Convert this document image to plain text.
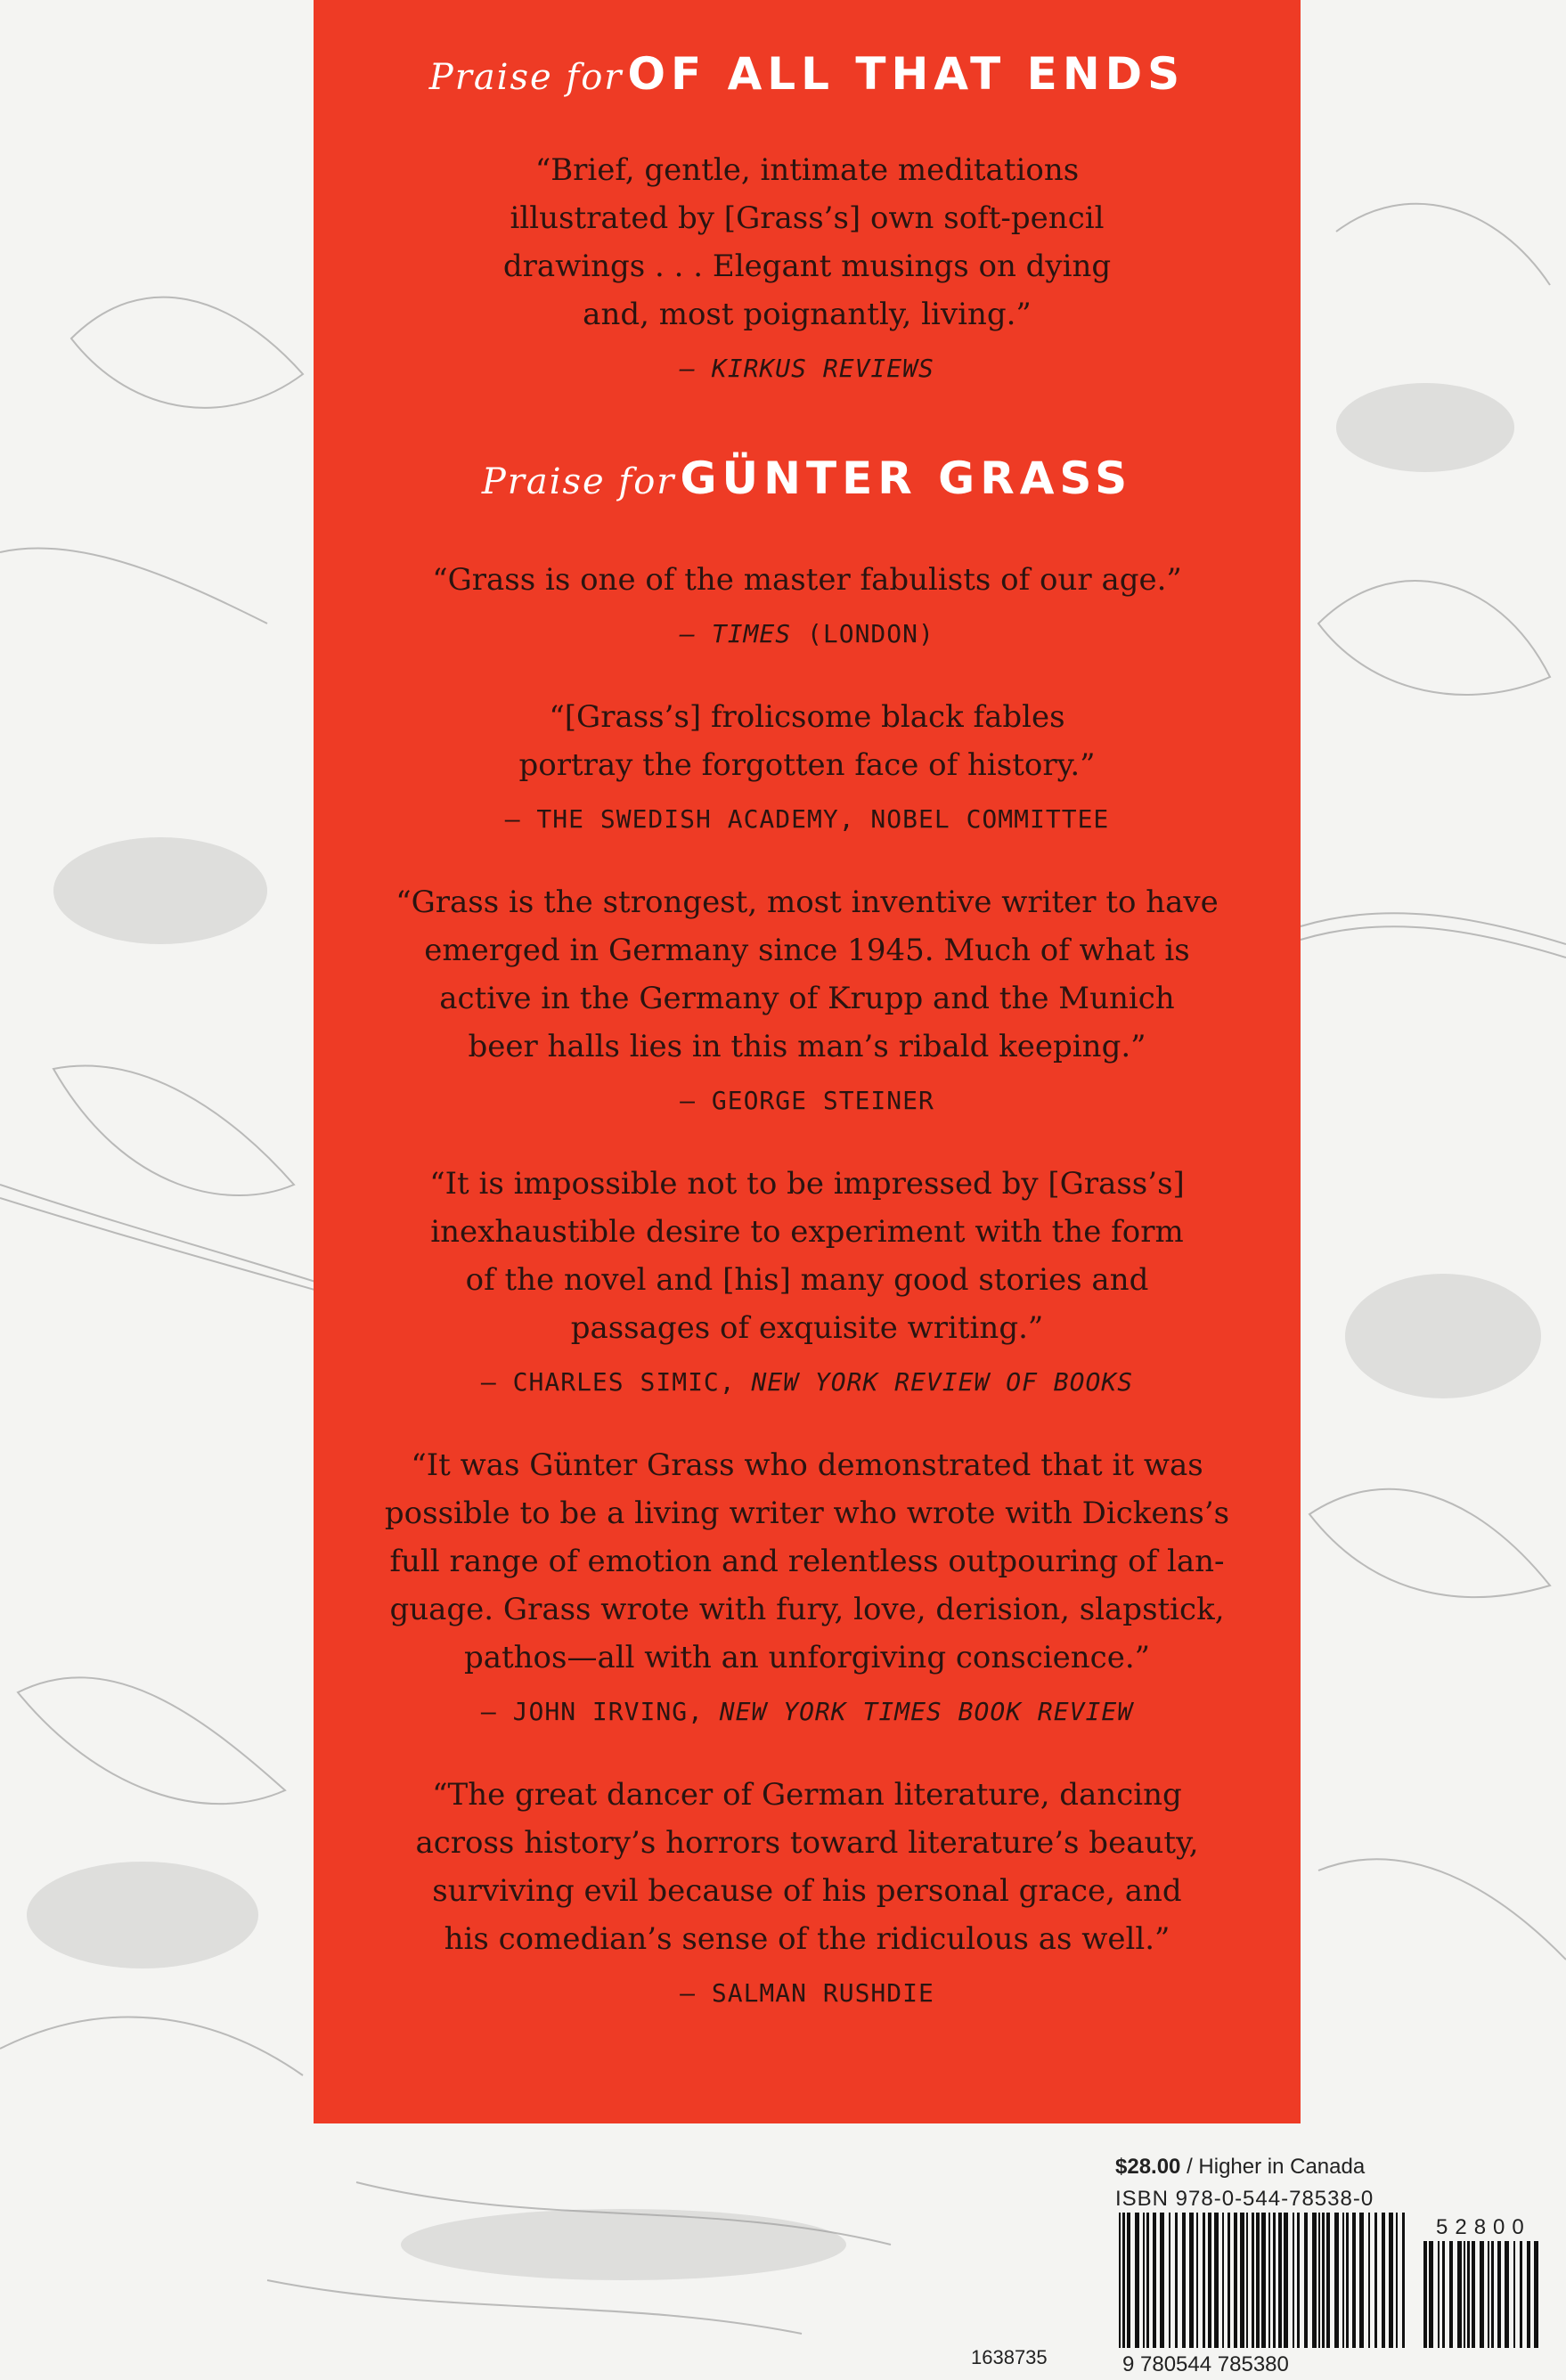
Praise for OF ALL THAT ENDS

“Brief, gentle, intimate meditations

illustrated by [Grass’s] own soft-pencil

drawings . . . Elegant musings on dying

and, most poignantly, living.”

— KIRKUS REVIEWS
Praise for GÜNTER GRASS

“Grass is one of the master fabulists of our age.”

— TIMES (LONDON)

“[Grass’s] frolicsome black fables

portray the forgotten face of history.”

— THE SWEDISH ACADEMY, NOBEL COMMITTEE

“Grass is the strongest, most inventive writer to have

emerged in Germany since 1945. Much of what is

active in the Germany of Krupp and the Munich

beer halls lies in this man’s ribald keeping.”

— GEORGE STEINER

“It is impossible not to be impressed by [Grass’s]

inexhaustible desire to experiment with the form

of the novel and [his] many good stories and

passages of exquisite writing.”

— CHARLES SIMIC, NEW YORK REVIEW OF BOOKS

“It was Günter Grass who demonstrated that it was

possible to be a living writer who wrote with Dickens’s

full range of emotion and relentless outpouring of lan-

guage. Grass wrote with fury, love, derision, slapstick,

pathos—all with an unforgiving conscience.”

— JOHN IRVING, NEW YORK TIMES BOOK REVIEW

“The great dancer of German literature, dancing

across history’s horrors toward literature’s beauty,

surviving evil because of his personal grace, and

his comedian’s sense of the ridiculous as well.”

— SALMAN RUSHDIE
$28.00 / Higher in Canada
ISBN 978-0-544-78538-0
9 780544 785380
52800
1638735
